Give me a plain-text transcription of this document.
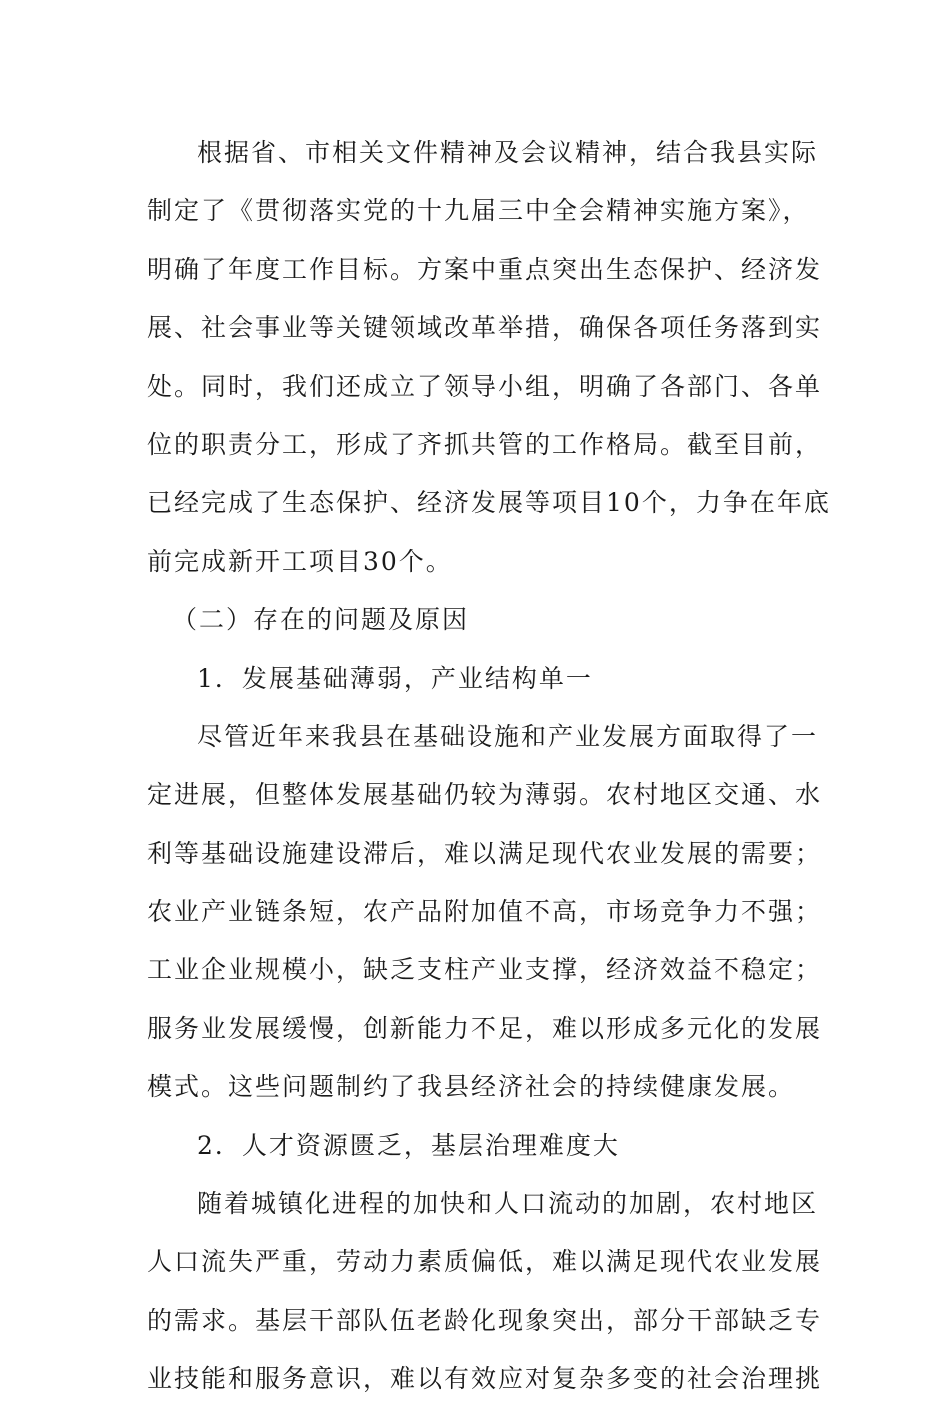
根据省、市相关文件精神及会议精神，结合我县实际
制定了《贯彻落实党的十九届三中全会精神实施方案》，
明确了年度工作目标。方案中重点突出生态保护、经济发
展、社会事业等关键领域改革举措，确保各项任务落到实
处。同时，我们还成立了领导小组，明确了各部门、各单
位的职责分工，形成了齐抓共管的工作格局。截至目前，
已经完成了生态保护、经济发展等项目10个，力争在年底
前完成新开工项目30个。
（二）存在的问题及原因
1．发展基础薄弱，产业结构单一
尽管近年来我县在基础设施和产业发展方面取得了一
定进展，但整体发展基础仍较为薄弱。农村地区交通、水
利等基础设施建设滞后，难以满足现代农业发展的需要；
农业产业链条短，农产品附加值不高，市场竞争力不强；
工业企业规模小，缺乏支柱产业支撑，经济效益不稳定；
服务业发展缓慢，创新能力不足，难以形成多元化的发展
模式。这些问题制约了我县经济社会的持续健康发展。
2．人才资源匮乏，基层治理难度大
随着城镇化进程的加快和人口流动的加剧，农村地区
人口流失严重，劳动力素质偏低，难以满足现代农业发展
的需求。基层干部队伍老龄化现象突出，部分干部缺乏专
业技能和服务意识，难以有效应对复杂多变的社会治理挑
